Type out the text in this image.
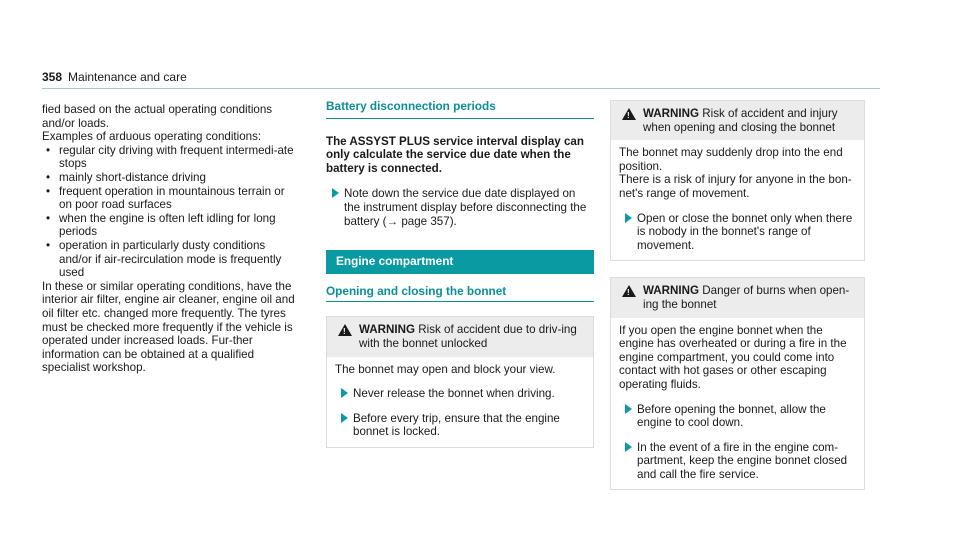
358 Maintenance and care
fied based on the actual operating conditions and/or loads.
Examples of arduous operating conditions:
• regular city driving with frequent intermedi-ate stops
• mainly short-distance driving
• frequent operation in mountainous terrain or on poor road surfaces
• when the engine is often left idling for long periods
• operation in particularly dusty conditions and/or if air-recirculation mode is frequently used
In these or similar operating conditions, have the interior air filter, engine air cleaner, engine oil and oil filter etc. changed more frequently. The tyres must be checked more frequently if the vehicle is operated under increased loads. Fur-ther information can be obtained at a qualified specialist workshop.
Battery disconnection periods
The ASSYST PLUS service interval display can only calculate the service due date when the battery is connected.
Note down the service due date displayed on the instrument display before disconnecting the battery (→ page 357).
Engine compartment
Opening and closing the bonnet
! WARNING Risk of accident due to driv-ing with the bonnet unlocked
The bonnet may open and block your view.
Never release the bonnet when driving.
Before every trip, ensure that the engine bonnet is locked.
! WARNING Risk of accident and injury when opening and closing the bonnet
The bonnet may suddenly drop into the end position.
There is a risk of injury for anyone in the bon-net's range of movement.
Open or close the bonnet only when there is nobody in the bonnet's range of movement.
! WARNING Danger of burns when open-ing the bonnet
If you open the engine bonnet when the engine has overheated or during a fire in the engine compartment, you could come into contact with hot gases or other escaping operating fluids.
Before opening the bonnet, allow the engine to cool down.
In the event of a fire in the engine com-partment, keep the engine bonnet closed and call the fire service.
